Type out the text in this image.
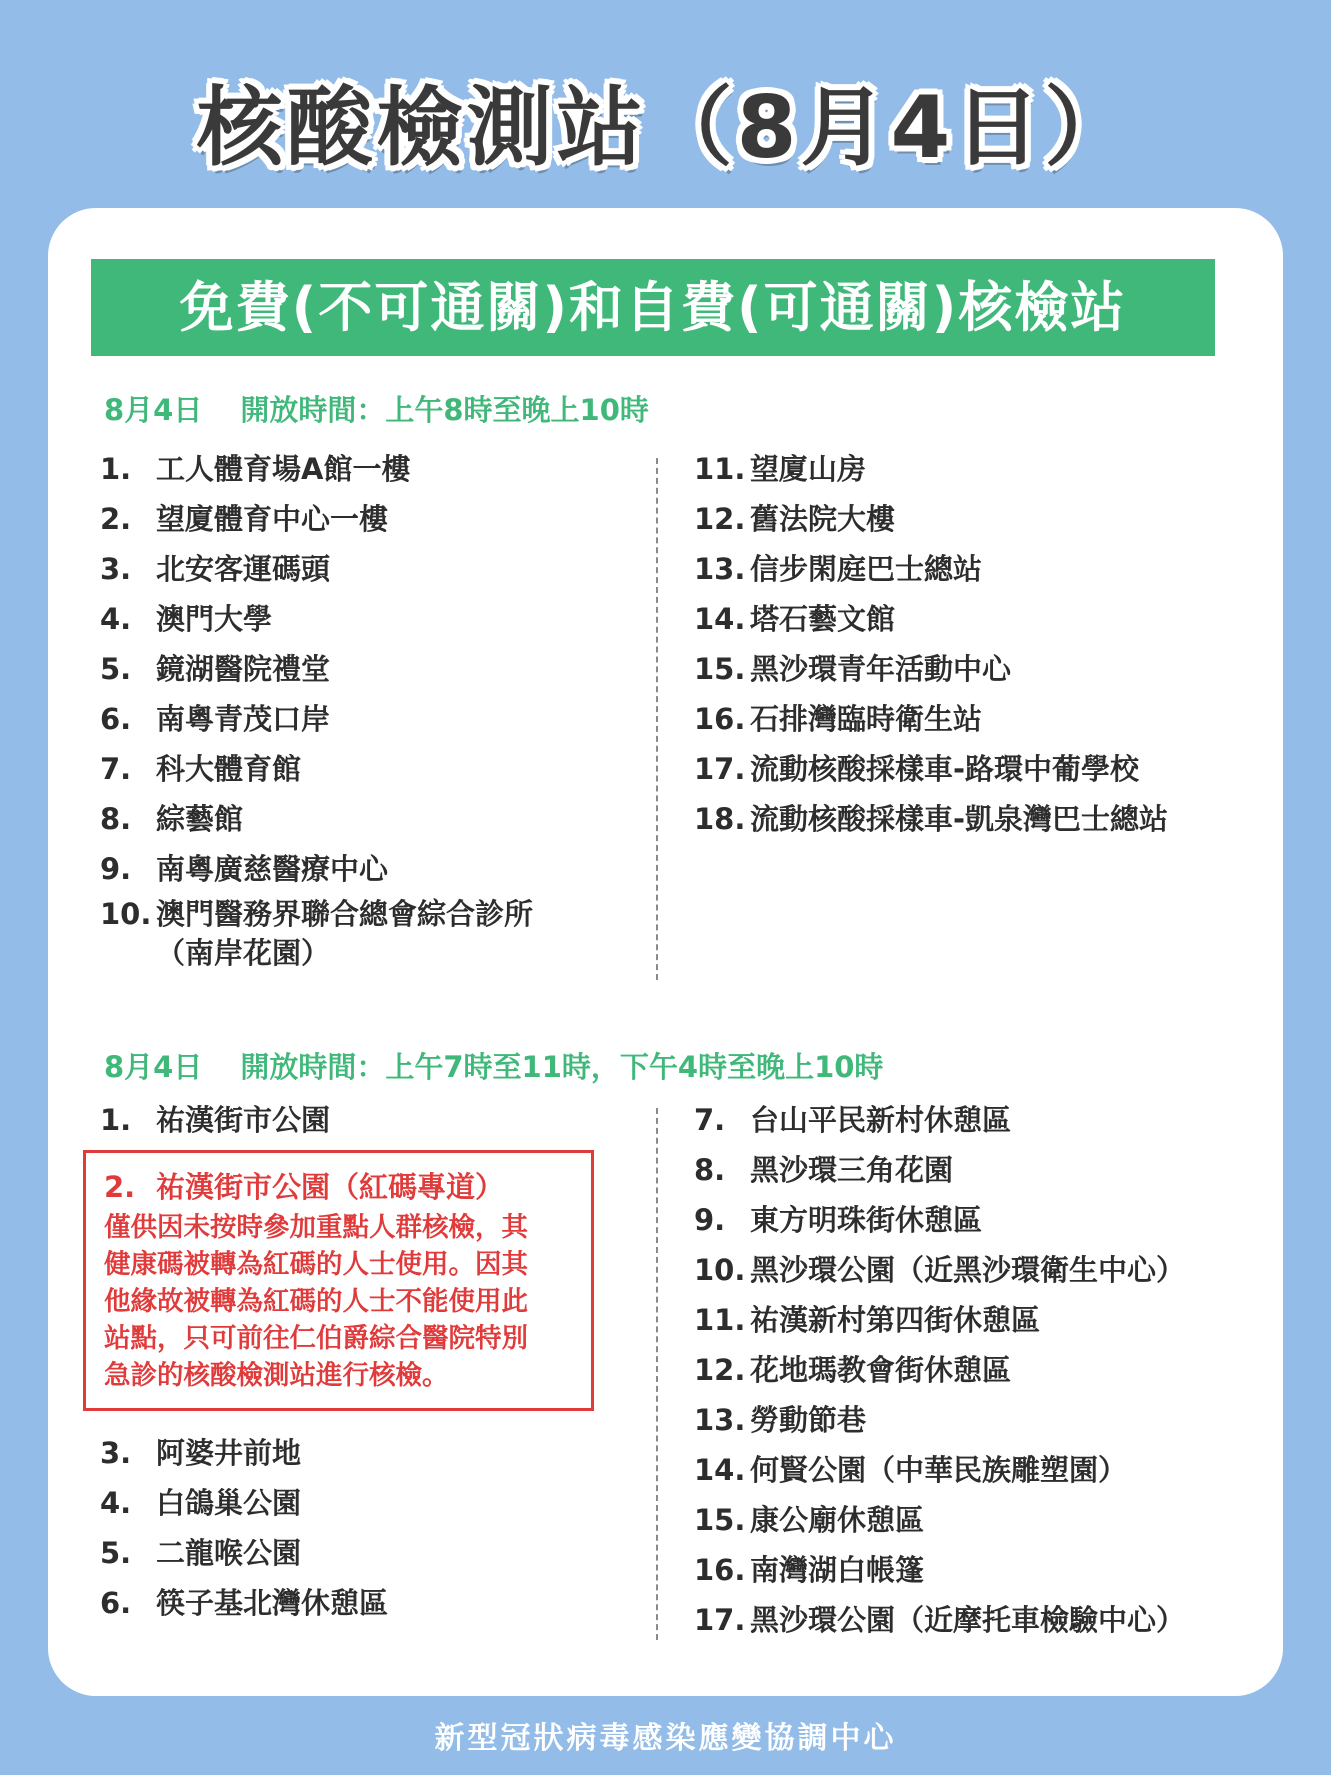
核酸檢測站（8月4日）
免費(不可通關)和自費(可通關)核檢站
8月4日 開放時間：上午8時至晚上10時
1. 工人體育場A館一樓
2. 望廈體育中心一樓
3. 北安客運碼頭
4. 澳門大學
5. 鏡湖醫院禮堂
6. 南粵青茂口岸
7. 科大體育館
8. 綜藝館
9. 南粵廣慈醫療中心
10. 澳門醫務界聯合總會綜合診所
（南岸花園）
11. 望廈山房
12. 舊法院大樓
13. 信步閑庭巴士總站
14. 塔石藝文館
15. 黑沙環青年活動中心
16. 石排灣臨時衛生站
17. 流動核酸採樣車-路環中葡學校
18. 流動核酸採樣車-凱泉灣巴士總站
8月4日 開放時間：上午7時至11時，下午4時至晚上10時
1. 祐漢街市公園
2. 祐漢街市公園（紅碼專道）
僅供因未按時參加重點人群核檢，其
健康碼被轉為紅碼的人士使用。因其
他緣故被轉為紅碼的人士不能使用此
站點，只可前往仁伯爵綜合醫院特別
急診的核酸檢測站進行核檢。
3. 阿婆井前地
4. 白鴿巢公園
5. 二龍喉公園
6. 筷子基北灣休憩區
7. 台山平民新村休憩區
8. 黑沙環三角花園
9. 東方明珠街休憩區
10. 黑沙環公園（近黑沙環衛生中心）
11. 祐漢新村第四街休憩區
12. 花地瑪教會街休憩區
13. 勞動節巷
14. 何賢公園（中華民族雕塑園）
15. 康公廟休憩區
16. 南灣湖白帳篷
17. 黑沙環公園（近摩托車檢驗中心）
新型冠狀病毒感染應變協調中心
